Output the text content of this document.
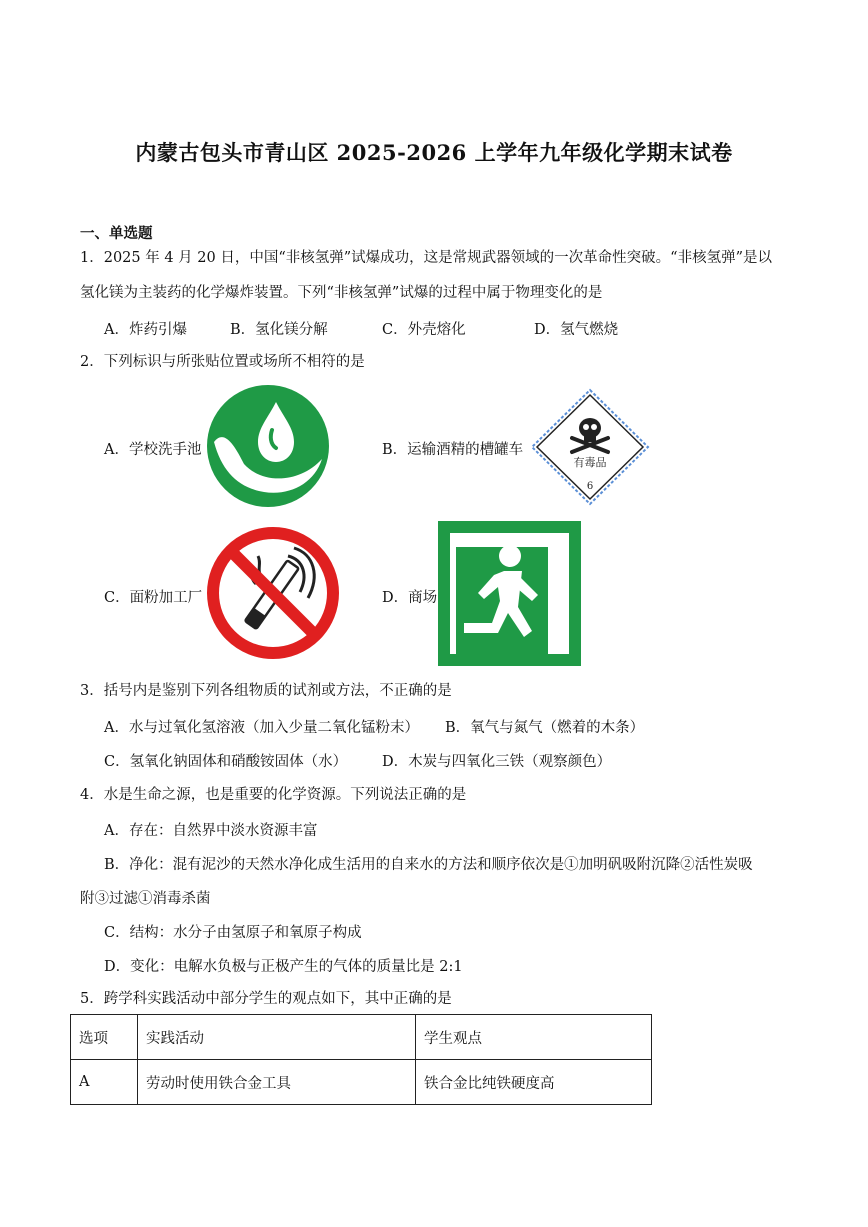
内蒙古包头市青山区 2025-2026 上学年九年级化学期末试卷
一、单选题
1．2025 年 4 月 20 日，中国“非核氢弹”试爆成功，这是常规武器领域的一次革命性突破。“非核氢弹”是以
氢化镁为主装药的化学爆炸装置。下列“非核氢弹”试爆的过程中属于物理变化的是
A．炸药引爆	B．氢化镁分解	C．外壳熔化	D．氢气燃烧
2．下列标识与所张贴位置或场所不相符的是
A．学校洗手池	B．运输酒精的槽罐车
有毒品
6
C．面粉加工厂	D．商场
3．括号内是鉴别下列各组物质的试剂或方法，不正确的是
A．水与过氧化氢溶液（加入少量二氧化锰粉末） B．氧气与氮气（燃着的木条）
C．氢氧化钠固体和硝酸铵固体（水） D．木炭与四氧化三铁（观察颜色）
4．水是生命之源，也是重要的化学资源。下列说法正确的是
A．存在：自然界中淡水资源丰富
B．净化：混有泥沙的天然水净化成生活用的自来水的方法和顺序依次是①加明矾吸附沉降②活性炭吸
附③过滤①消毒杀菌
C．结构：水分子由氢原子和氧原子构成
D．变化：电解水负极与正极产生的气体的质量比是 2:1
5．跨学科实践活动中部分学生的观点如下，其中正确的是
选项	实践活动	学生观点
A	劳动时使用铁合金工具	铁合金比纯铁硬度高
